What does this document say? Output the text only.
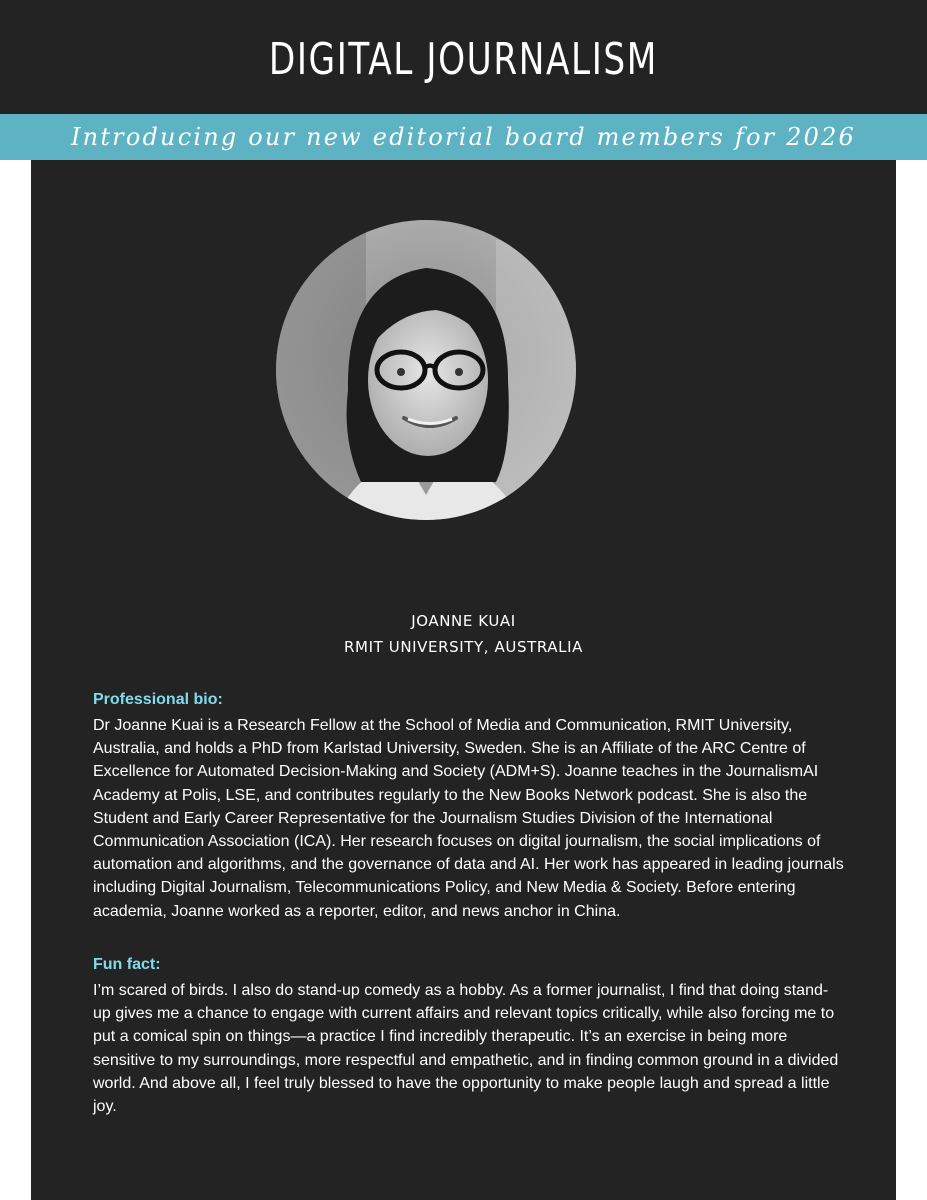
DIGITAL JOURNALISM
Introducing our new editorial board members for 2026
JOANNE KUAI
RMIT UNIVERSITY, AUSTRALIA
Professional bio:

Dr Joanne Kuai is a Research Fellow at the School of Media and Communication, RMIT University, Australia, and holds a PhD from Karlstad University, Sweden. She is an Affiliate of the ARC Centre of Excellence for Automated Decision-Making and Society (ADM+S). Joanne teaches in the JournalismAI Academy at Polis, LSE, and contributes regularly to the New Books Network podcast. She is also the Student and Early Career Representative for the Journalism Studies Division of the International Communication Association (ICA). Her research focuses on digital journalism, the social implications of automation and algorithms, and the governance of data and AI. Her work has appeared in leading journals including Digital Journalism, Telecommunications Policy, and New Media & Society. Before entering academia, Joanne worked as a reporter, editor, and news anchor in China.

Fun fact:

I’m scared of birds. I also do stand-up comedy as a hobby. As a former journalist, I find that doing stand-up gives me a chance to engage with current affairs and relevant topics critically, while also forcing me to put a comical spin on things—a practice I find incredibly therapeutic. It’s an exercise in being more sensitive to my surroundings, more respectful and empathetic, and in finding common ground in a divided world. And above all, I feel truly blessed to have the opportunity to make people laugh and spread a little joy.
